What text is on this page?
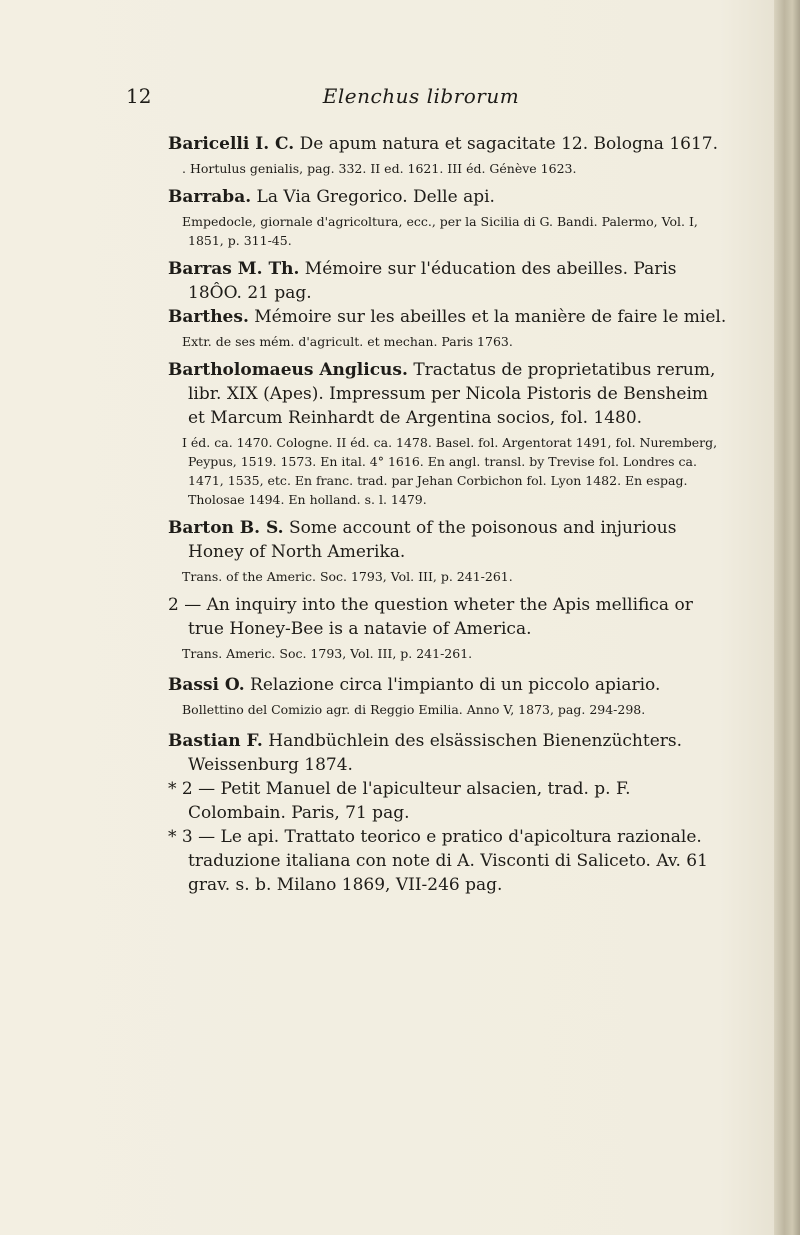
12	Elenchus librorum

Baricelli I. C. De apum natura et sagacitate 12. Bologna 1617.

. Hortulus genialis, pag. 332. II ed. 1621. III éd. Génève 1623.

Barraba. La Via Gregorico. Delle api.

Empedocle, giornale d'agricoltura, ecc., per la Sicilia di G. Bandi. Palermo, Vol. I, 1851, p. 311-45.

Barras M. Th. Mémoire sur l'éducation des abeilles. Paris 18ÔO. 21 pag.

Barthes. Mémoire sur les abeilles et la manière de faire le miel.

Extr. de ses mém. d'agricult. et mechan. Paris 1763.

Bartholomaeus Anglicus. Tractatus de proprietatibus rerum, libr. XIX (Apes). Impressum per Nicola Pistoris de Bensheim et Marcum Reinhardt de Argentina socios, fol. 1480.

I éd. ca. 1470. Cologne. II éd. ca. 1478. Basel. fol. Argentorat 1491, fol. Nuremberg, Peypus, 1519. 1573. En ital. 4° 1616. En angl. transl. by Trevise fol. Londres ca. 1471, 1535, etc. En franc. trad. par Jehan Corbichon fol. Lyon 1482. En espag. Tholosae 1494. En holland. s. l. 1479.

Barton B. S. Some account of the poisonous and injurious Honey of North Amerika.

Trans. of the Americ. Soc. 1793, Vol. III, p. 241-261.

2 — An inquiry into the question wheter the Apis mellifica or true Honey-Bee is a natavie of America.

Trans. Americ. Soc. 1793, Vol. III, p. 241-261.

Bassi O. Relazione circa l'impianto di un piccolo apiario.

Bollettino del Comizio agr. di Reggio Emilia. Anno V, 1873, pag. 294-298.

Bastian F. Handbüchlein des elsässischen Bienenzüchters. Weissenburg 1874.

* 2 — Petit Manuel de l'apiculteur alsacien, trad. p. F. Colombain. Paris, 71 pag.

* 3 — Le api. Trattato teorico e pratico d'apicoltura razionale. traduzione italiana con note di A. Visconti di Saliceto. Av. 61 grav. s. b. Milano 1869, VII-246 pag.
